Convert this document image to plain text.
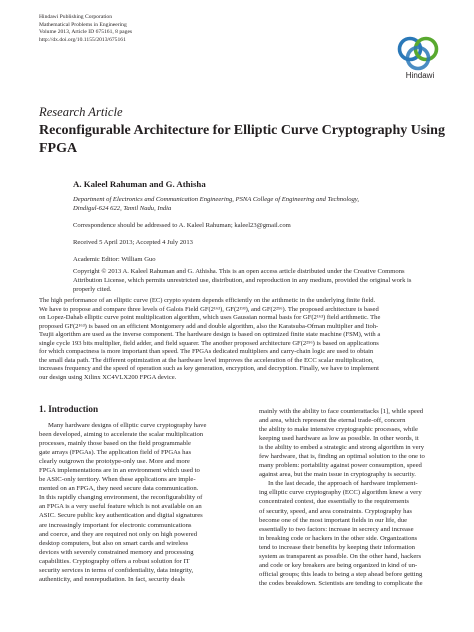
Hindawi Publishing Corporation
Mathematical Problems in Engineering
Volume 2013, Article ID 675161, 8 pages
http://dx.doi.org/10.1155/2013/675161
Hindawi
Research Article
Reconfigurable Architecture for Elliptic Curve Cryptography Using FPGA
A. Kaleel Rahuman and G. Athisha
Department of Electronics and Communication Engineering, PSNA College of Engineering and Technology,
Dindigul-624 622, Tamil Nadu, India
Correspondence should be addressed to A. Kaleel Rahuman; kaleel23@gmail.com
Received 5 April 2013; Accepted 4 July 2013
Academic Editor: William Guo
Copyright © 2013 A. Kaleel Rahuman and G. Athisha. This is an open access article distributed under the Creative Commons
Attribution License, which permits unrestricted use, distribution, and reproduction in any medium, provided the original work is
properly cited.
The high performance of an elliptic curve (EC) crypto system depends efficiently on the arithmetic in the underlying finite field.
We have to propose and compare three levels of Galois Field GF(2¹⁶³), GF(2¹⁹³), and GF(2²⁵⁶). The proposed architecture is based
on Lopez-Dahab elliptic curve point multiplication algorithm, which uses Gaussian normal basis for GF(2¹⁶³) field arithmetic. The
proposed GF(2¹⁶³) is based on an efficient Montgomery add and double algorithm, also the Karatsuba-Ofman multiplier and Itoh-
Tsujii algorithm are used as the inverse component. The hardware design is based on optimized finite state machine (FSM), with a
single cycle 193 bits multiplier, field adder, and field squarer. The another proposed architecture GF(2²⁵⁶) is based on applications
for which compactness is more important than speed. The FPGAs dedicated multipliers and carry-chain logic are used to obtain
the small data path. The different optimization at the hardware level improves the acceleration of the ECC scalar multiplication,
increases frequency and the speed of operation such as key generation, encryption, and decryption. Finally, we have to implement
our design using Xilinx XC4VLX200 FPGA device.
1. Introduction
Many hardware designs of elliptic curve cryptography have
been developed, aiming to accelerate the scalar multiplication
processes, mainly those based on the field programmable
gate arrays (FPGAs). The application field of FPGAs has
clearly outgrown the prototype-only use. More and more
FPGA implementations are in an environment which used to
be ASIC-only territory. When these applications are imple-
mented on an FPGA, they need secure data communication.
In this rapidly changing environment, the reconfigurability of
an FPGA is a very useful feature which is not available on an
ASIC. Secure public key authentication and digital signatures
are increasingly important for electronic communications
and coerce, and they are required not only on high powered
desktop computers, but also on smart cards and wireless
devices with severely constrained memory and processing
capabilities. Cryptography offers a robust solution for IT
security services in terms of confidentiality, data integrity,
authenticity, and nonrepudiation. In fact, security deals
mainly with the ability to face counterattacks [1], while speed
and area, which represent the eternal trade-off, concern
the ability to make intensive cryptographic processes, while
keeping used hardware as low as possible. In other words, it
is the ability to embed a strategic and strong algorithm in very
few hardware, that is, finding an optimal solution to the one to
many problem: portability against power consumption, speed
against area, but the main issue in cryptography is security.
In the last decade, the approach of hardware implement-
ing elliptic curve cryptography (ECC) algorithm knew a very
concentrated contest, due essentially to the requirements
of security, speed, and area constraints. Cryptography has
become one of the most important fields in our life, due
essentially to two factors: increase in secrecy and increase
in breaking code or hackers in the other side. Organizations
tend to increase their benefits by keeping their information
system as transparent as possible. On the other hand, hackers
and code or key breakers are being organized in kind of un-
official groups; this leads to being a step ahead before getting
the codes breakdown. Scientists are tending to complicate the
